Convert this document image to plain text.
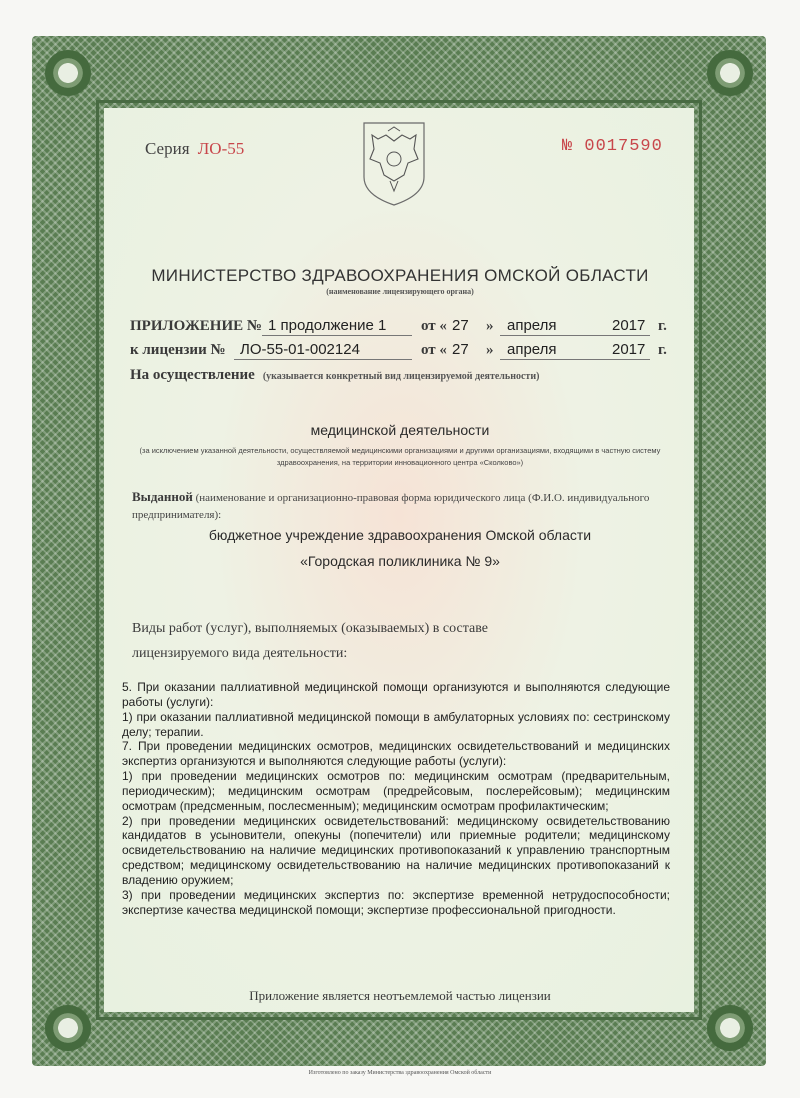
Серия ЛО-55	№ 0017590
МИНИСТЕРСТВО ЗДРАВООХРАНЕНИЯ ОМСКОЙ ОБЛАСТИ
(наименование лицензирующего органа)
ПРИЛОЖЕНИЕ № 1 продолжение 1 от « 27 » апреля	2017 г.
к лицензии № ЛО-55-01-002124	от « 27 » апреля	2017 г.
На осуществление (указывается конкретный вид лицензируемой деятельности)
медицинской деятельности
(за исключением указанной деятельности, осуществляемой медицинскими организациями и другими организациями, входящими в частную систему здравоохранения, на территории инновационного центра «Сколково»)
Выданной (наименование и организационно-правовая форма юридического лица (Ф.И.О. индивидуального предпринимателя):
бюджетное учреждение здравоохранения Омской области
«Городская поликлиника № 9»
Виды работ (услуг), выполняемых (оказываемых) в составе
лицензируемого вида деятельности:

5. При оказании паллиативной медицинской помощи организуются и выполняются следующие работы (услуги):

1) при оказании паллиативной медицинской помощи в амбулаторных условиях по: сестринскому делу; терапии.

7. При проведении медицинских осмотров, медицинских освидетельствований и медицинских экспертиз организуются и выполняются следующие работы (услуги):

1) при проведении медицинских осмотров по: медицинским осмотрам (предварительным, периодическим); медицинским осмотрам (предрейсовым, послерейсовым); медицинским осмотрам (предсменным, послесменным); медицинским осмотрам профилактическим;

2) при проведении медицинских освидетельствований: медицинскому освидетельствованию кандидатов в усыновители, опекуны (попечители) или приемные родители; медицинскому освидетельствованию на наличие медицинских противопоказаний к управлению транспортным средством; медицинскому освидетельствованию на наличие медицинских противопоказаний к владению оружием;

3) при проведении медицинских экспертиз по: экспертизе временной нетрудоспособности; экспертизе качества медицинской помощи; экспертизе профессиональной пригодности.

Приложение является неотъемлемой частью лицензии
Изготовлено по заказу Министерства здравоохранения Омской области
